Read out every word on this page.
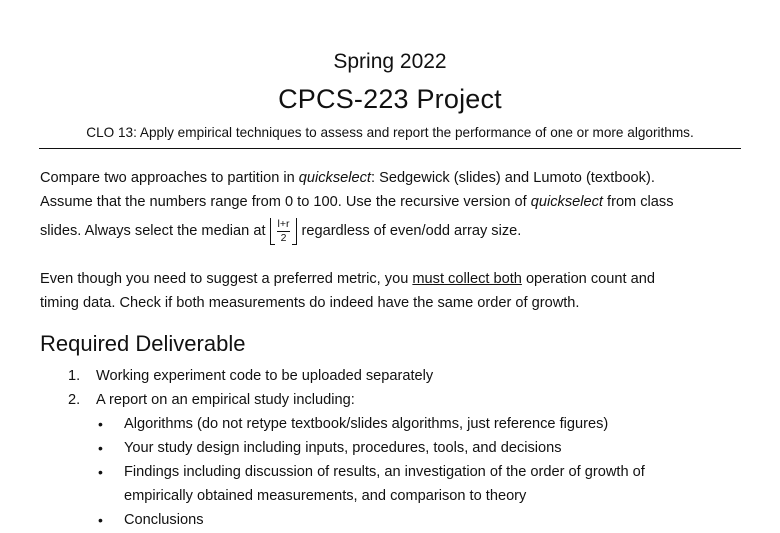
Spring 2022
CPCS-223 Project
CLO 13: Apply empirical techniques to assess and report the performance of one or more algorithms.
Compare two approaches to partition in quickselect: Sedgewick (slides) and Lumoto (textbook).
Assume that the numbers range from 0 to 100. Use the recursive version of quickselect from class
slides. Always select the median at $\frac{l+r}{2}$ regardless of even/odd array size.
Even though you need to suggest a preferred metric, you must collect both operation count and
timing data. Check if both measurements do indeed have the same order of growth.
Required Deliverable
1.	Working experiment code to be uploaded separately
2.	A report on an empirical study including:
•	Algorithms (do not retype textbook/slides algorithms, just reference figures)
•	Your study design including inputs, procedures, tools, and decisions
•	Findings including discussion of results, an investigation of the order of growth of
empirically obtained measurements, and comparison to theory
•	Conclusions
